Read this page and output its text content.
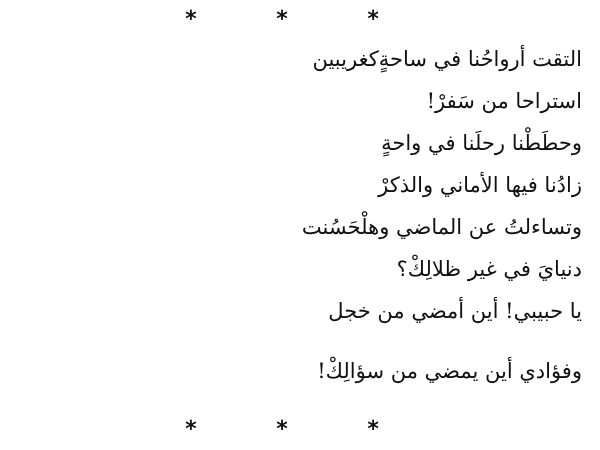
* * *
التقت أرواحُنا في ساحةٍكغريبين
استراحا من سَفرْ!
وحطَطْنا رحلَنا في واحةٍ
زادُنا فيها الأماني والذكرْ
وتساءلتُ عن الماضي وهلْحَسُنت
دنيايَ في غير ظلالِكْ؟
يا حبيبي! أين أمضي من خجل
وفؤادي أين يمضي من سؤالِكْ!
* * *
